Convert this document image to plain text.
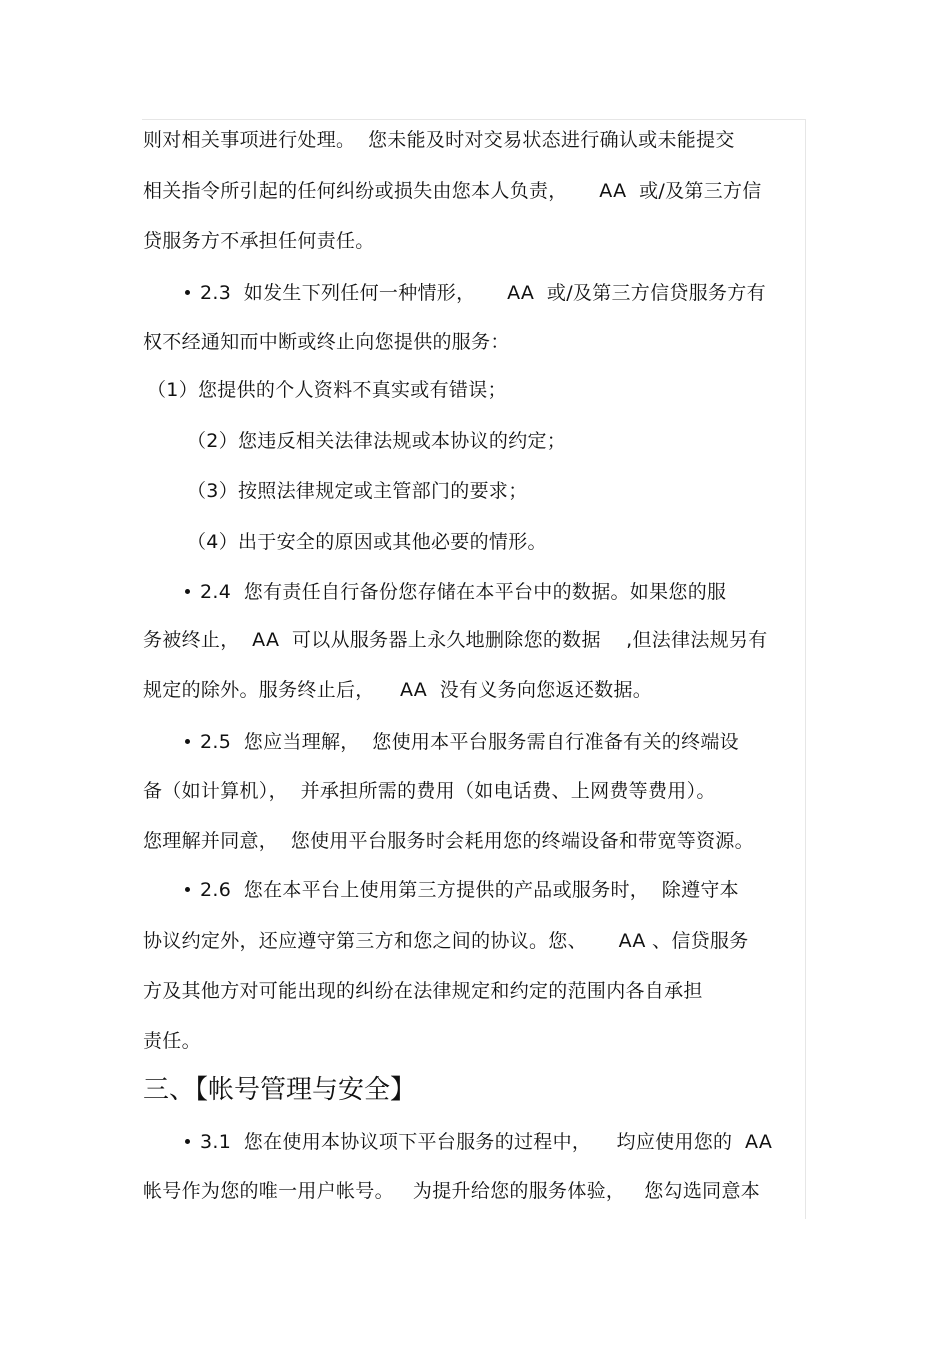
则对相关事项进行处理。  您未能及时对交易状态进行确认或未能提交
相关指令所引起的任何纠纷或损失由您本人负责，     AA  或/及第三方信
贷服务方不承担任何责任。
2.3  如发生下列任何一种情形，     AA  或/及第三方信贷服务方有
权不经通知而中断或终止向您提供的服务：
（1）您提供的个人资料不真实或有错误；
（2）您违反相关法律法规或本协议的约定；
（3）按照法律规定或主管部门的要求；
（4）出于安全的原因或其他必要的情形。
2.4  您有责任自行备份您存储在本平台中的数据。如果您的服
务被终止，  AA  可以从服务器上永久地删除您的数据    ,但法律法规另有
规定的除外。服务终止后，    AA  没有义务向您返还数据。
2.5  您应当理解，  您使用本平台服务需自行准备有关的终端设
备（如计算机），  并承担所需的费用（如电话费、上网费等费用）。
您理解并同意，  您使用平台服务时会耗用您的终端设备和带宽等资源。
2.6  您在本平台上使用第三方提供的产品或服务时，  除遵守本
协议约定外，还应遵守第三方和您之间的协议。您、     AA 、信贷服务
方及其他方对可能出现的纠纷在法律规定和约定的范围内各自承担
责任。
三、【帐号管理与安全】
3.1  您在使用本协议项下平台服务的过程中，    均应使用您的  AA
帐号作为您的唯一用户帐号。   为提升给您的服务体验，   您勾选同意本
